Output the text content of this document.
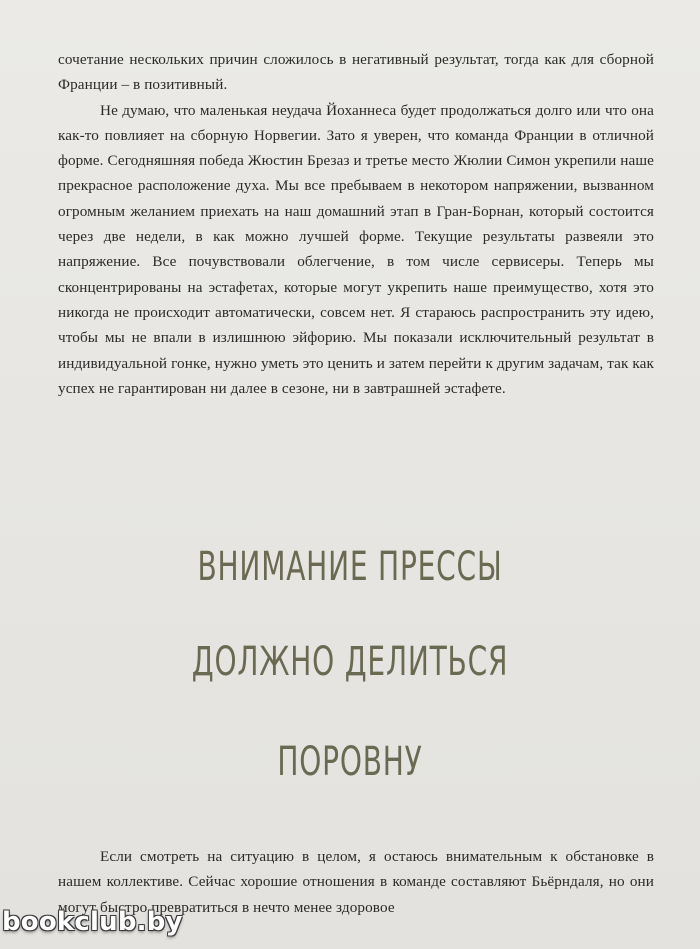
сочетание нескольких причин сложилось в негативный результат, тогда как для сборной Франции – в позитивный.

Не думаю, что маленькая неудача Йоханнеса будет продолжаться долго или что она как-то повлияет на сборную Норвегии. Зато я уверен, что команда Франции в отличной форме. Сегодняшняя победа Жюстин Брезаз и третье место Жюлии Симон укрепили наше прекрасное расположение духа. Мы все пребываем в некотором напряжении, вызванном огромным желанием приехать на наш домашний этап в Гран-Борнан, который состоится через две недели, в как можно лучшей форме. Текущие результаты развеяли это напряжение. Все почувствовали облегчение, в том числе сервисеры. Теперь мы сконцентрированы на эстафетах, которые могут укрепить наше преимущество, хотя это никогда не происходит автоматически, совсем нет. Я стараюсь распространить эту идею, чтобы мы не впали в излишнюю эйфорию. Мы показали исключительный результат в индивидуальной гонке, нужно уметь это ценить и затем перейти к другим задачам, так как успех не гарантирован ни далее в сезоне, ни в завтрашней эстафете.

ВНИМАНИЕ ПРЕССЫ
ДОЛЖНО ДЕЛИТЬСЯ
ПОРОВНУ

Если смотреть на ситуацию в целом, я остаюсь внимательным к обстановке в нашем коллективе. Сейчас хорошие отношения в команде составляют Бьёрндаля, но они могут быстро превратиться в нечто менее здоровое

bookclub.by
